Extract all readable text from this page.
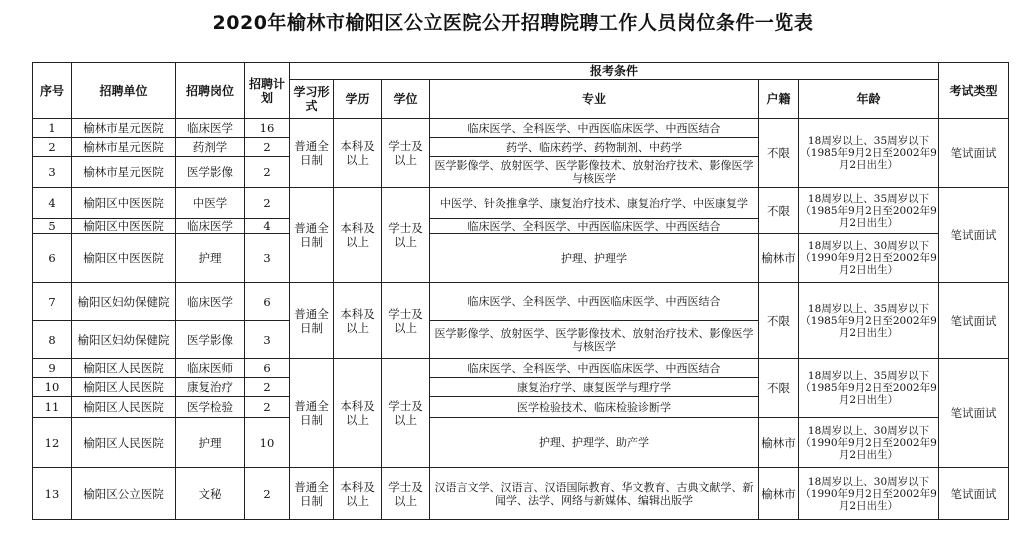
2020年榆林市榆阳区公立医院公开招聘院聘工作人员岗位条件一览表
序号	招聘单位	招聘岗位	招聘计划	报考条件						考试类型
				学习形式	学历	学位	专业	户籍	年龄	
1	榆林市星元医院	临床医学	16	普通全日制	本科及以上	学士及以上	临床医学、全科医学、中西医临床医学、中西医结合	不限	18周岁以上、35周岁以下（1985年9月2日至2002年9月2日出生）	笔试面试
2	榆林市星元医院	药剂学	2				药学、临床药学、药物制剂、中药学			
3	榆林市星元医院	医学影像	2				医学影像学、放射医学、医学影像技术、放射治疗技术、影像医学与核医学			
4	榆阳区中医医院	中医学	2	普通全日制	本科及以上	学士及以上	中医学、针灸推拿学、康复治疗技术、康复治疗学、中医康复学	不限	18周岁以上、35周岁以下（1985年9月2日至2002年9月2日出生）	笔试面试
5	榆阳区中医医院	临床医学	4				临床医学、全科医学、中西医临床医学、中西医结合			
6	榆阳区中医医院	护理	3				护理、护理学	榆林市	18周岁以上、30周岁以下（1990年9月2日至2002年9月2日出生）	
7	榆阳区妇幼保健院	临床医学	6	普通全日制	本科及以上	学士及以上	临床医学、全科医学、中西医临床医学、中西医结合	不限	18周岁以上、35周岁以下（1985年9月2日至2002年9月2日出生）	笔试面试
8	榆阳区妇幼保健院	医学影像	3				医学影像学、放射医学、医学影像技术、放射治疗技术、影像医学与核医学			
9	榆阳区人民医院	临床医师	6	普通全日制	本科及以上	学士及以上	临床医学、全科医学、中西医临床医学、中西医结合	不限	18周岁以上、35周岁以下（1985年9月2日至2002年9月2日出生）	笔试面试
10	榆阳区人民医院	康复治疗	2				康复治疗学、康复医学与理疗学			
11	榆阳区人民医院	医学检验	2				医学检验技术、临床检验诊断学			
12	榆阳区人民医院	护理	10				护理、护理学、助产学	榆林市	18周岁以上、30周岁以下（1990年9月2日至2002年9月2日出生）	
13	榆阳区公立医院	文秘	2	普通全日制	本科及以上	学士及以上	汉语言文学、汉语言、汉语国际教育、华文教育、古典文献学、新闻学、法学、网络与新媒体、编辑出版学	榆林市	18周岁以上、30周岁以下（1990年9月2日至2002年9月2日出生）	笔试面试
